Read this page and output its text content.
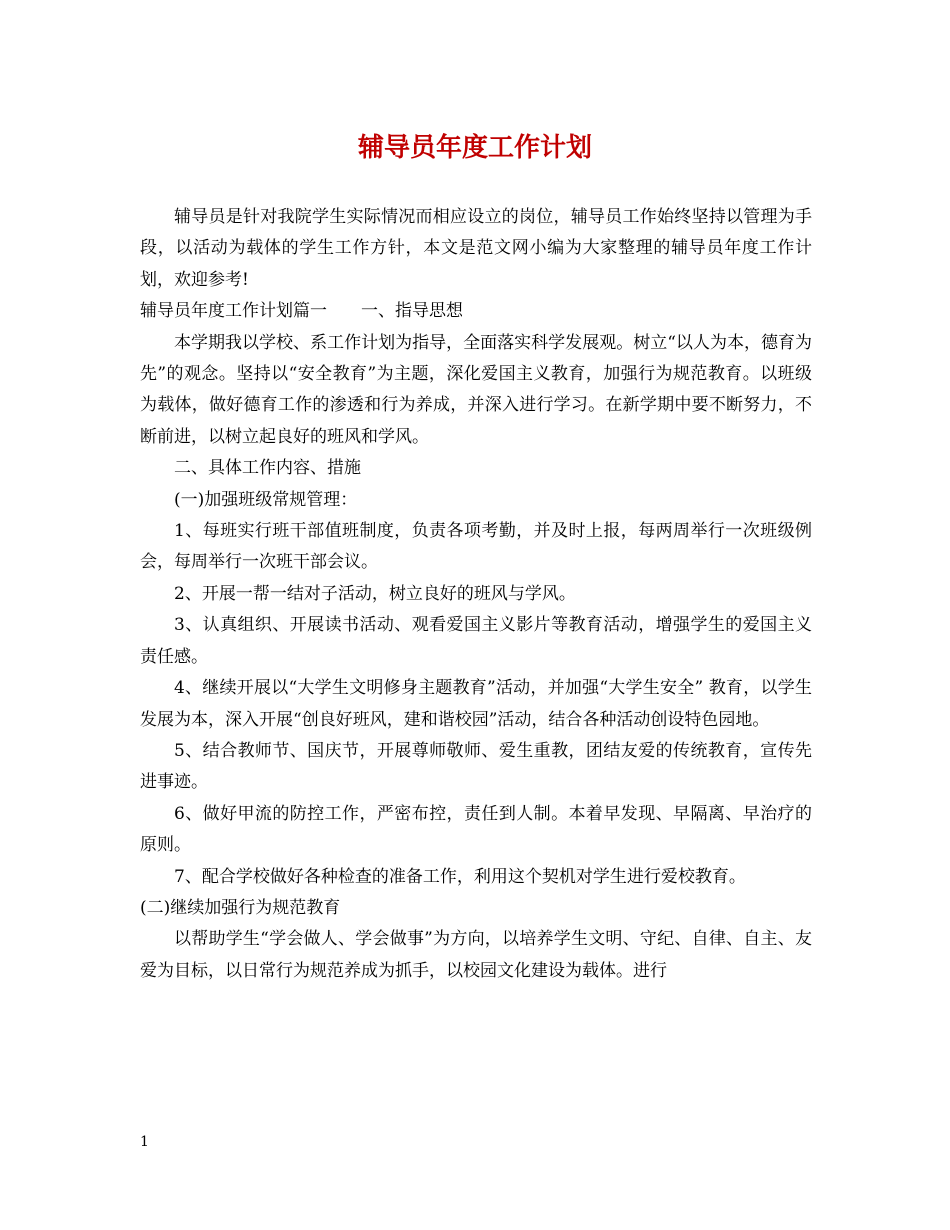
辅导员年度工作计划

辅导员是针对我院学生实际情况而相应设立的岗位，辅导员工作始终坚持以管理为手段，以活动为载体的学生工作方针，本文是范文网小编为大家整理的辅导员年度工作计划，欢迎参考!

辅导员年度工作计划篇一　　一、指导思想

本学期我以学校、系工作计划为指导，全面落实科学发展观。树立“以人为本，德育为先”的观念。坚持以“安全教育”为主题，深化爱国主义教育，加强行为规范教育。以班级为载体，做好德育工作的渗透和行为养成，并深入进行学习。在新学期中要不断努力，不断前进，以树立起良好的班风和学风。

二、具体工作内容、措施

(一)加强班级常规管理：

1、每班实行班干部值班制度，负责各项考勤，并及时上报，每两周举行一次班级例会，每周举行一次班干部会议。

2、开展一帮一结对子活动，树立良好的班风与学风。

3、认真组织、开展读书活动、观看爱国主义影片等教育活动，增强学生的爱国主义责任感。

4、继续开展以“大学生文明修身主题教育”活动，并加强“大学生安全” 教育，以学生发展为本，深入开展“创良好班风，建和谐校园”活动，结合各种活动创设特色园地。

5、结合教师节、国庆节，开展尊师敬师、爱生重教，团结友爱的传统教育，宣传先进事迹。

6、做好甲流的防控工作，严密布控，责任到人制。本着早发现、早隔离、早治疗的原则。

7、配合学校做好各种检查的准备工作，利用这个契机对学生进行爱校教育。

(二)继续加强行为规范教育

以帮助学生“学会做人、学会做事”为方向，以培养学生文明、守纪、自律、自主、友爱为目标，以日常行为规范养成为抓手，以校园文化建设为载体。进行

1
